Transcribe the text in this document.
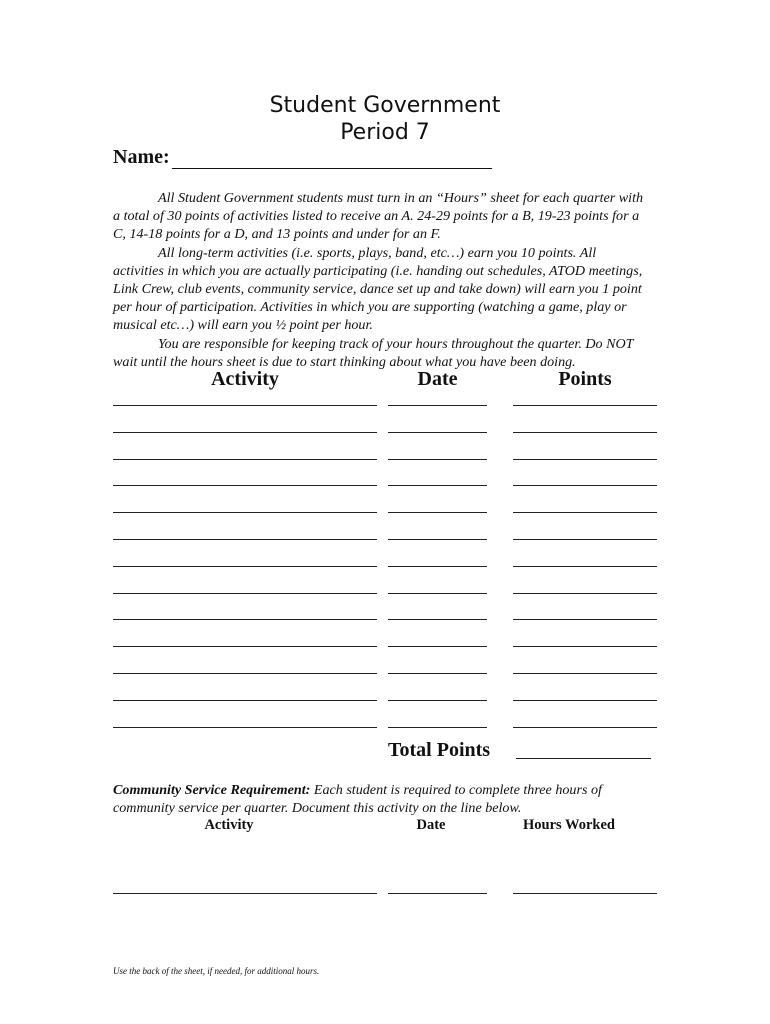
Student Government
Period 7
Name:

All Student Government students must turn in an “Hours” sheet for each quarter with a total of 30 points of activities listed to receive an A. 24-29 points for a B, 19-23 points for a C, 14-18 points for a D, and 13 points and under for an F.

All long-term activities (i.e. sports, plays, band, etc…) earn you 10 points. All activities in which you are actually participating (i.e. handing out schedules, ATOD meetings, Link Crew, club events, community service, dance set up and take down) will earn you 1 point per hour of participation. Activities in which you are supporting (watching a game, play or musical etc…) will earn you ½ point per hour.

You are responsible for keeping track of your hours throughout the quarter. Do NOT wait until the hours sheet is due to start thinking about what you have been doing.

Activity	Date	Points
Total Points
Community Service Requirement: Each student is required to complete three hours of community service per quarter. Document this activity on the line below.
Activity	Date	Hours Worked
Use the back of the sheet, if needed, for additional hours.
